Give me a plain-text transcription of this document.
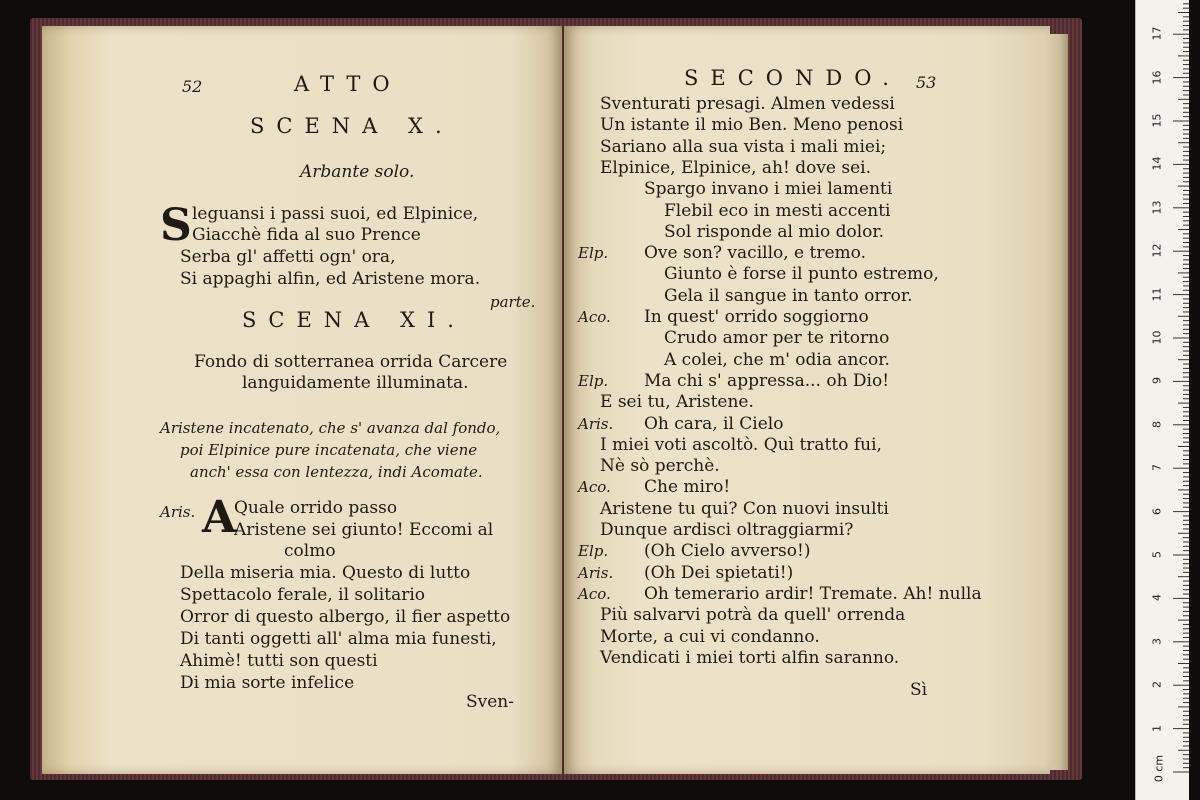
52	ATTO
SCENA X.
Arbante solo.
S leguansi i passi suoi, ed Elpinice,
Giacchè fida al suo Prence
Serba gl' affetti ogn' ora,
Si appaghi alfin, ed Aristene mora.
parte.
SCENA XI.
Fondo di sotterranea orrida Carcere
languidamente illuminata.
Aristene incatenato, che s' avanza dal fondo,
poi Elpinice pure incatenata, che viene
anch' essa con lentezza, indi Acomate.
Aris. A
Quale orrido passo
Aristene sei giunto! Eccomi al
colmo
Della miseria mia. Questo di lutto
Spettacolo ferale, il solitario
Orror di questo albergo, il fier aspetto
Di tanti oggetti all' alma mia funesti,
Ahimè! tutti son questi
Di mia sorte infelice
Sven-
SECONDO. 53
Sventurati presagi. Almen vedessi
Un istante il mio Ben. Meno penosi
Sariano alla sua vista i mali miei;
Elpinice, Elpinice, ah! dove sei.
Spargo invano i miei lamenti
Flebil eco in mesti accenti
Sol risponde al mio dolor.
Elp. Ove son? vacillo, e tremo.
Giunto è forse il punto estremo,
Gela il sangue in tanto orror.
Aco. In quest' orrido soggiorno
Crudo amor per te ritorno
A colei, che m' odia ancor.
Elp. Ma chi s' appressa... oh Dio!
E sei tu, Aristene.
Aris. Oh cara, il Cielo
I miei voti ascoltò. Quì tratto fui,
Nè sò perchè.
Aco. Che miro!
Aristene tu qui? Con nuovi insulti
Dunque ardisci oltraggiarmi?
Elp. (Oh Cielo avverso!)
Aris. (Oh Dei spietati!)
Aco. Oh temerario ardir! Tremate. Ah! nulla
Più salvarvi potrà da quell' orrenda
Morte, a cui vi condanno.
Vendicati i miei torti alfin saranno.
Sì
1
2
3
4
5
6
7
8
9
10
11
12
13
14
15
16
17
0 cm
